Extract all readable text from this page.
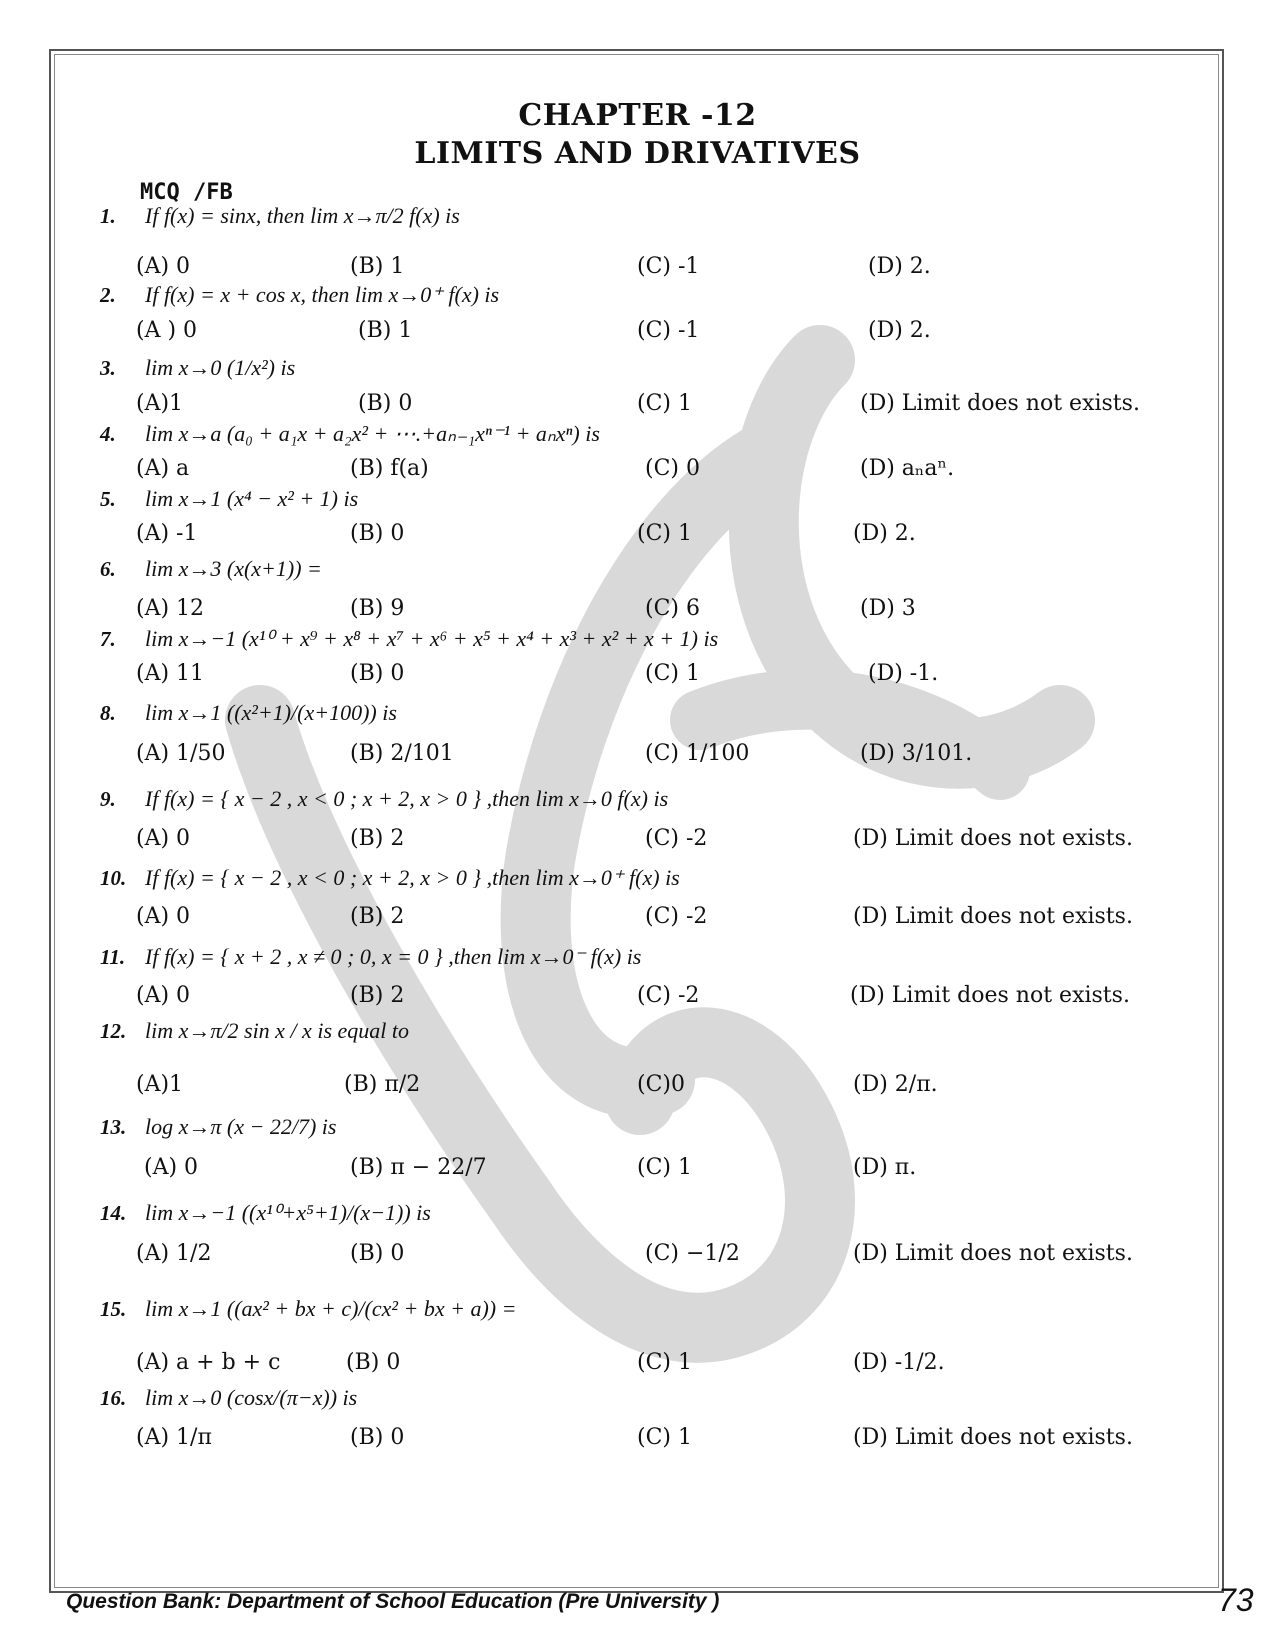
CHAPTER -12
LIMITS AND DRIVATIVES
MCQ /FB
1. If f(x) = sinx, then lim x→π/2 f(x) is
(A) 0	(B) 1	(C) -1	(D) 2.
2. If f(x) = x + cos x, then lim x→0⁺ f(x) is
(A ) 0	(B) 1	(C) -1	(D) 2.
3. lim x→0 (1/x²) is
(A)1	(B) 0	(C) 1	(D) Limit does not exists.
4. lim x→a (a₀ + a₁x + a₂x² + ⋯.+aₙ₋₁xⁿ⁻¹ + aₙxⁿ) is
(A) a	(B) f(a)	(C) 0	(D) aₙaⁿ.
5. lim x→1 (x⁴ − x² + 1) is
(A) -1	(B) 0	(C) 1	(D) 2.
6. lim x→3 (x(x+1)) =
(A) 12	(B) 9	(C) 6	(D) 3
7. lim x→−1 (x¹⁰ + x⁹ + x⁸ + x⁷ + x⁶ + x⁵ + x⁴ + x³ + x² + x + 1) is
(A) 11	(B) 0	(C) 1	(D) -1.
8. lim x→1 ((x²+1)/(x+100)) is
(A) 1/50	(B) 2/101	(C) 1/100	(D) 3/101.
9. If f(x) = { x − 2 , x < 0 ; x + 2, x > 0 } ,then lim x→0 f(x) is
(A) 0	(B) 2	(C) -2	(D) Limit does not exists.
10. If f(x) = { x − 2 , x < 0 ; x + 2, x > 0 } ,then lim x→0⁺ f(x) is
(A) 0	(B) 2	(C) -2	(D) Limit does not exists.
11. If f(x) = { x + 2 , x ≠ 0 ; 0, x = 0 } ,then lim x→0⁻ f(x) is
(A) 0	(B) 2	(C) -2	(D) Limit does not exists.
12. lim x→π/2 sin x / x is equal to
(A)1	(B) π/2	(C)0	(D) 2/π.
13. log x→π (x − 22/7) is
(A) 0	(B) π − 22/7	(C) 1	(D) π.
14. lim x→−1 ((x¹⁰+x⁵+1)/(x−1)) is
(A) 1/2	(B) 0	(C) −1/2	(D) Limit does not exists.
15. lim x→1 ((ax² + bx + c)/(cx² + bx + a)) =
(A) a + b + c	(B) 0	(C) 1	(D) -1/2.
16. lim x→0 (cosx/(π−x)) is
(A) 1/π	(B) 0	(C) 1	(D) Limit does not exists.
Question Bank: Department of School Education (Pre University )	73
